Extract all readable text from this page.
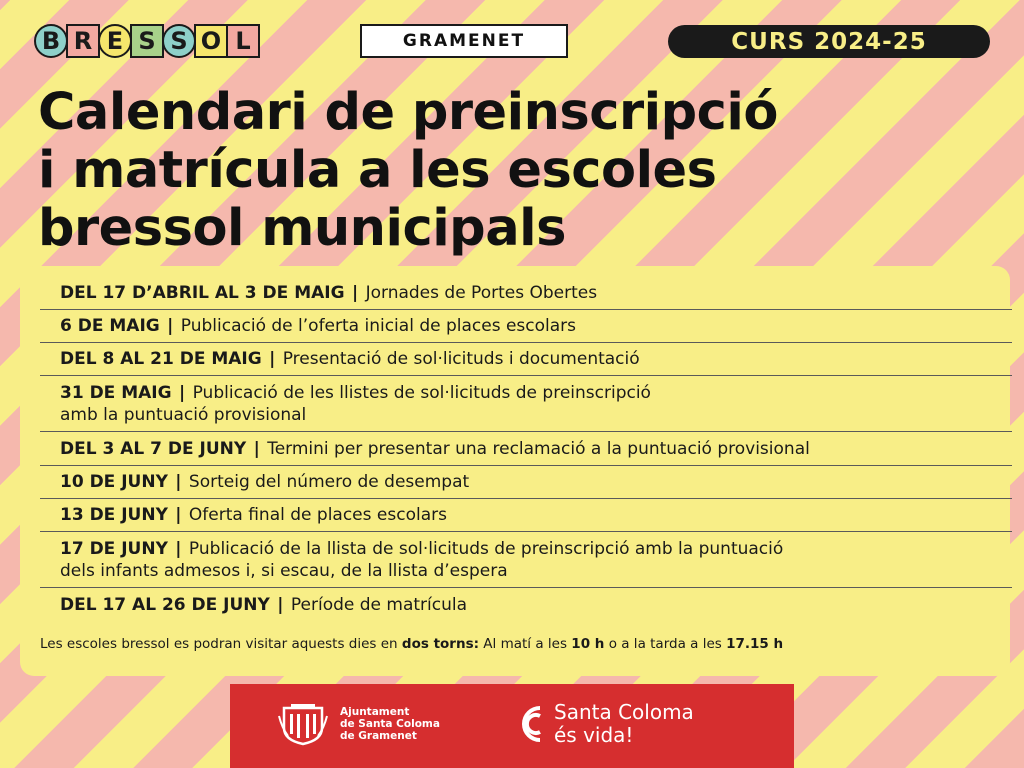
B R E S S O L	GRAMENET	CURS 2024-25
Calendari de preinscripció
i matrícula a les escoles
bressol municipals
DEL 17 D’ABRIL AL 3 DE MAIG | Jornades de Portes Obertes
6 DE MAIG | Publicació de l’oferta inicial de places escolars
DEL 8 AL 21 DE MAIG | Presentació de sol·licituds i documentació
31 DE MAIG | Publicació de les llistes de sol·licituds de preinscripció
amb la puntuació provisional
DEL 3 AL 7 DE JUNY | Termini per presentar una reclamació a la puntuació provisional
10 DE JUNY | Sorteig del número de desempat
13 DE JUNY | Oferta final de places escolars
17 DE JUNY | Publicació de la llista de sol·licituds de preinscripció amb la puntuació
dels infants admesos i, si escau, de la llista d’espera
DEL 17 AL 26 DE JUNY | Període de matrícula
Les escoles bressol es podran visitar aquests dies en dos torns: Al matí a les 10 h o a la tarda a les 17.15 h
Ajuntament
de Santa Coloma
de Gramenet
Santa Coloma
és vida!
